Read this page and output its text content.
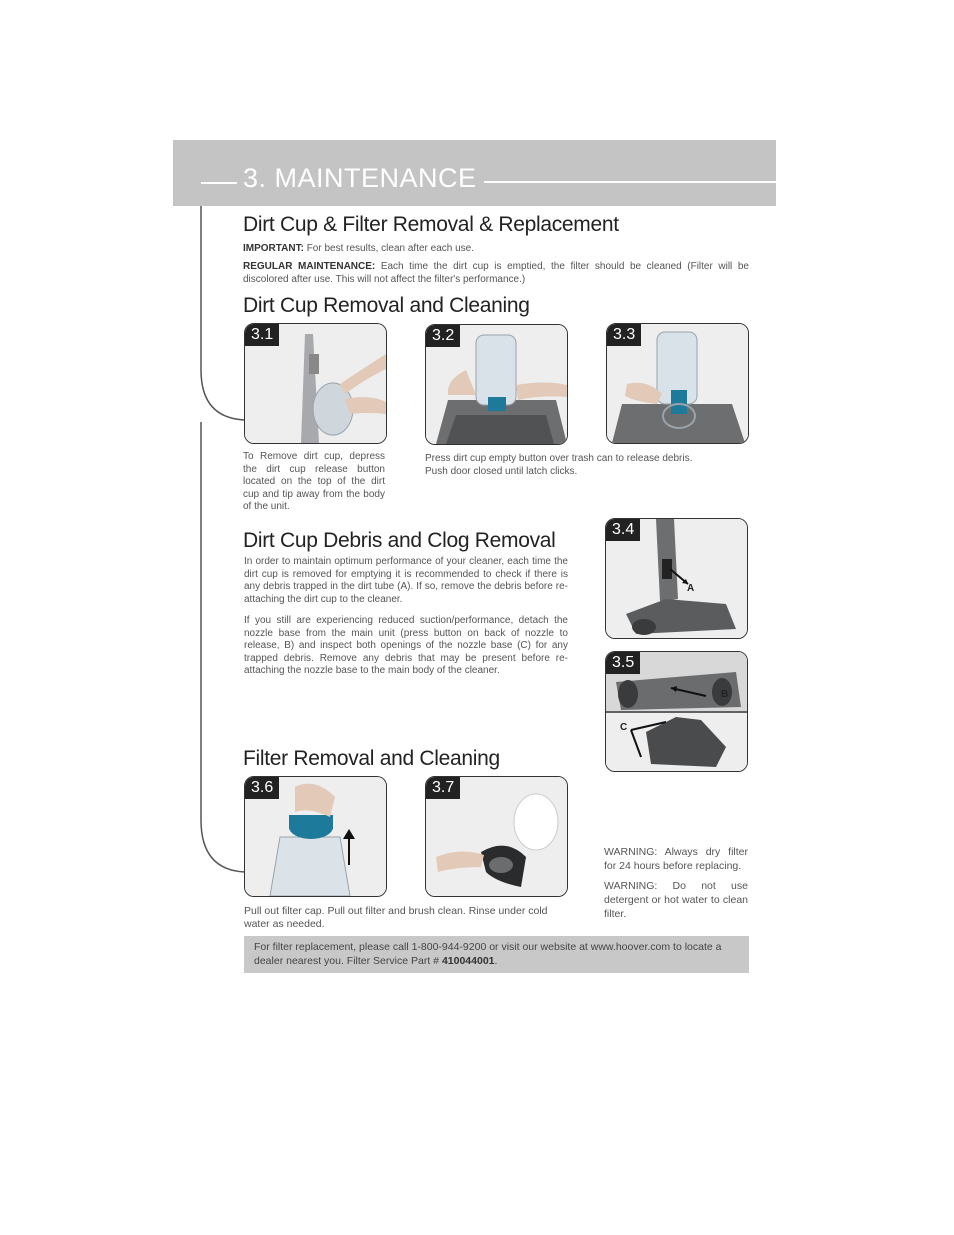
3. MAINTENANCE
Dirt Cup & Filter Removal & Replacement

IMPORTANT: For best results, clean after each use.

REGULAR MAINTENANCE: Each time the dirt cup is emptied, the filter should be cleaned (Filter will be discolored after use. This will not affect the filter's performance.)

Dirt Cup Removal and Cleaning
3.1	3.2	3.3

To Remove dirt cup, depress the dirt cup release button located on the top of the dirt cup and tip away from the body of the unit.

Press dirt cup empty button over trash can to release debris.
Push door closed until latch clicks.

Dirt Cup Debris and Clog Removal

In order to maintain optimum performance of your cleaner, each time the dirt cup is removed for emptying it is recommended to check if there is any debris trapped in the dirt tube (A). If so, remove the debris before re-attaching the dirt cup to the cleaner.

If you still are experiencing reduced suction/performance, detach the nozzle base from the main unit (press button on back of nozzle to release, B) and inspect both openings of the nozzle base (C) for any trapped debris. Remove any debris that may be present before re-attaching the nozzle base to the main body of the cleaner.

3.4
A
3.5
B
C
Filter Removal and Cleaning
3.6	3.7

WARNING: Always dry filter for 24 hours before replacing.

WARNING: Do not use detergent or hot water to clean filter.

Pull out filter cap. Pull out filter and brush clean. Rinse under cold water as needed.

For filter replacement, please call 1-800-944-9200 or visit our website at www.hoover.com to locate a dealer nearest you. Filter Service Part # 410044001.
